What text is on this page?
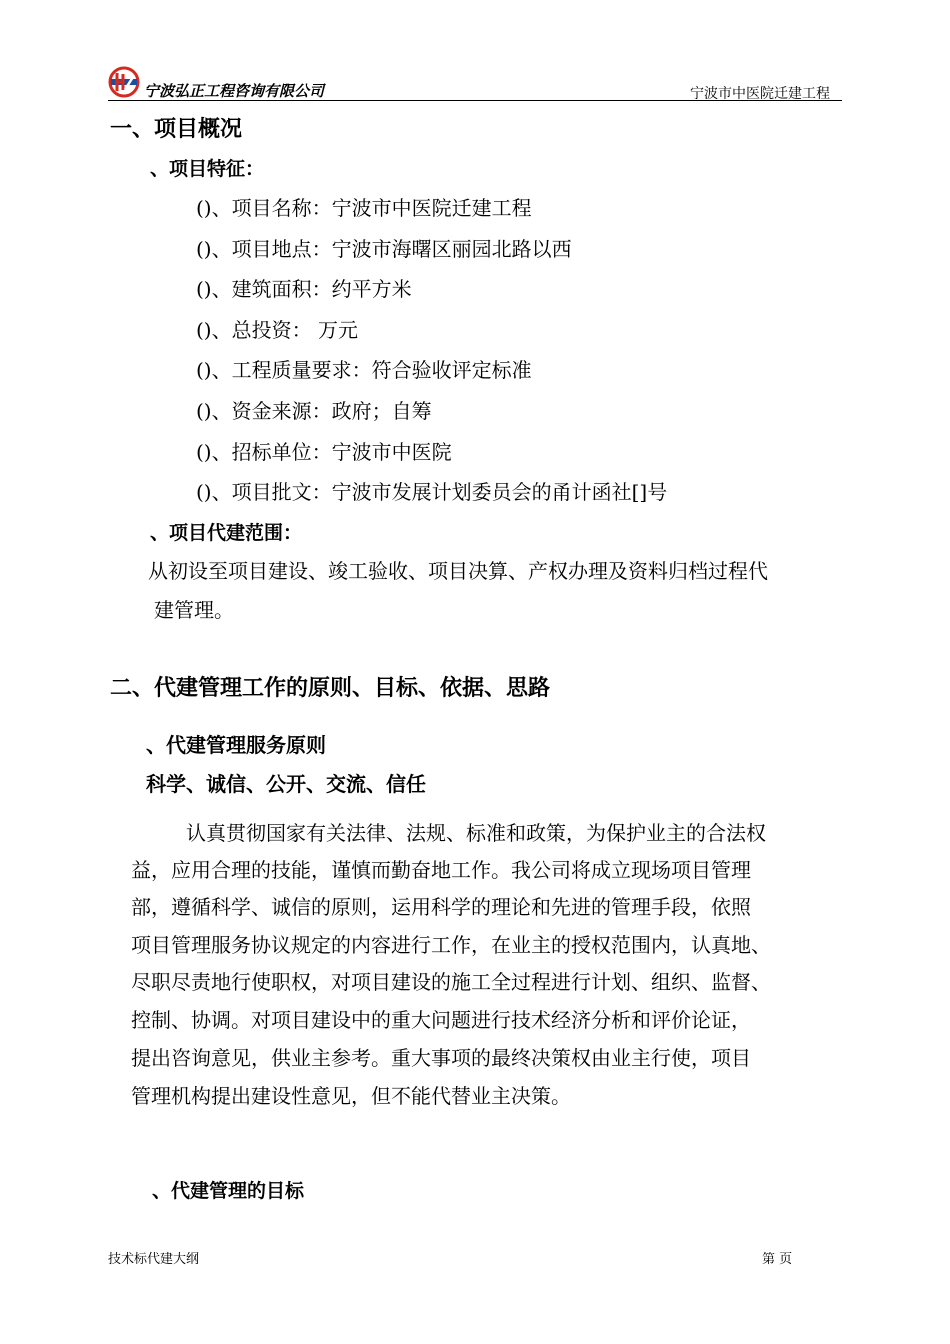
宁波弘正工程咨询有限公司	宁波市中医院迁建工程
一、项目概况
、项目特征：
()、项目名称：宁波市中医院迁建工程
()、项目地点：宁波市海曙区丽园北路以西
()、建筑面积：约平方米
()、总投资： 万元
()、工程质量要求：符合验收评定标准
()、资金来源：政府；自筹
()、招标单位：宁波市中医院
()、项目批文：宁波市发展计划委员会的甬计函社[]号
、项目代建范围：
从初设至项目建设、竣工验收、项目决算、产权办理及资料归档过程代
建管理。
二、代建管理工作的原则、目标、依据、思路
、代建管理服务原则
科学、诚信、公开、交流、信任
认真贯彻国家有关法律、法规、标准和政策，为保护业主的合法权
益，应用合理的技能，谨慎而勤奋地工作。我公司将成立现场项目管理
部，遵循科学、诚信的原则，运用科学的理论和先进的管理手段，依照
项目管理服务协议规定的内容进行工作，在业主的授权范围内，认真地、
尽职尽责地行使职权，对项目建设的施工全过程进行计划、组织、监督、
控制、协调。对项目建设中的重大问题进行技术经济分析和评价论证，
提出咨询意见，供业主参考。重大事项的最终决策权由业主行使，项目
管理机构提出建设性意见，但不能代替业主决策。
、代建管理的目标
技术标代建大纲	第 页
